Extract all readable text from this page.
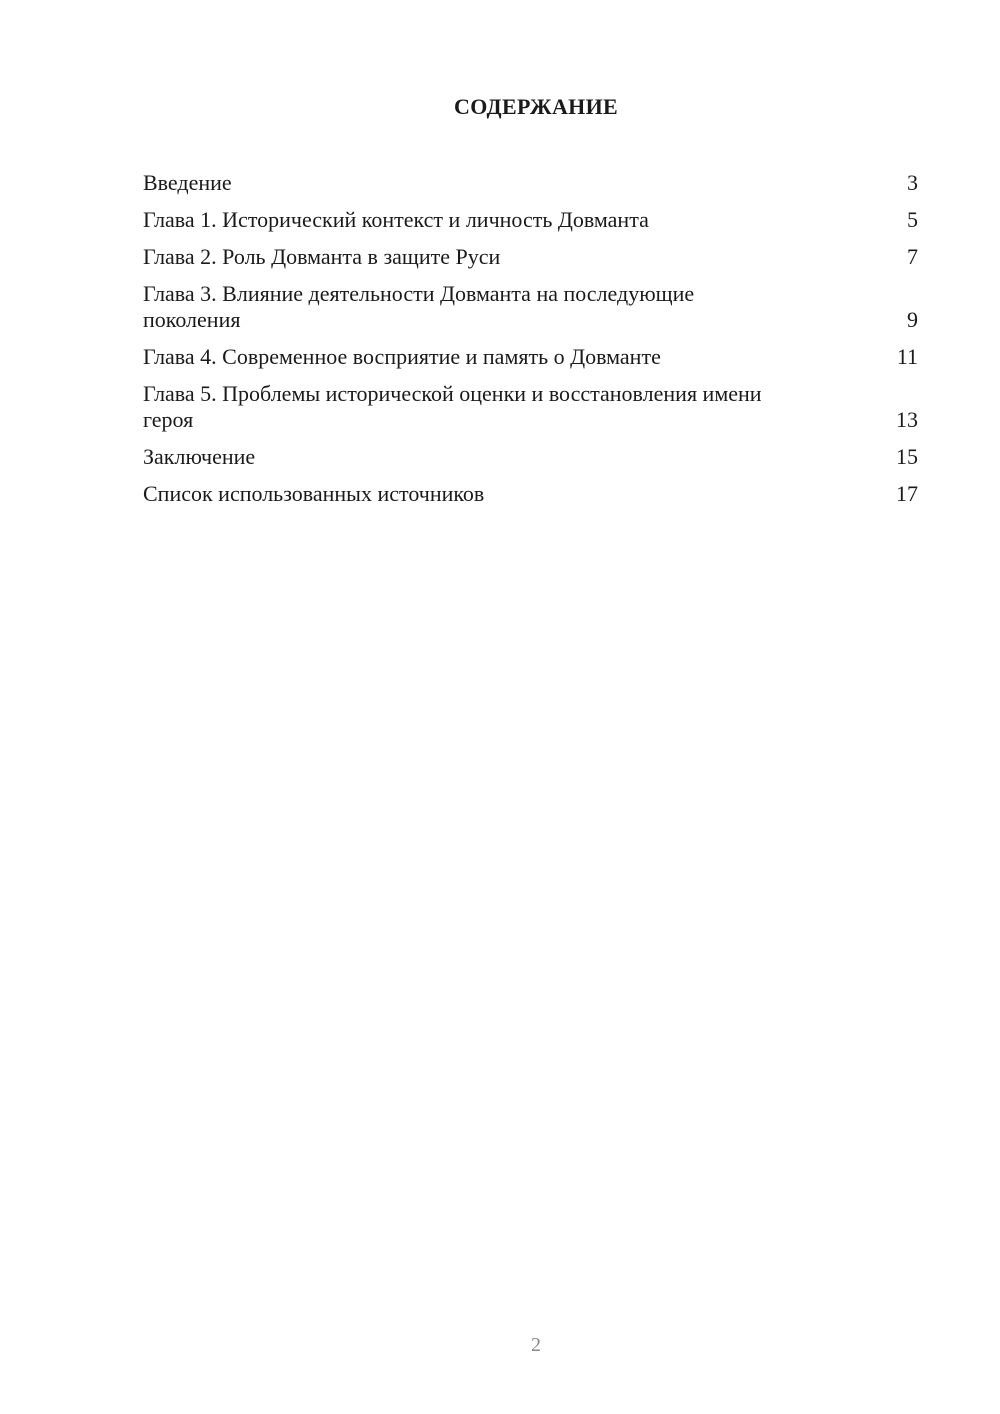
СОДЕРЖАНИЕ
Введение	3
Глава 1. Исторический контекст и личность Довманта	5
Глава 2. Роль Довманта в защите Руси	7
Глава 3. Влияние деятельности Довманта на последующие поколения	9
Глава 4. Современное восприятие и память о Довманте	11
Глава 5. Проблемы исторической оценки и восстановления имени героя	13
Заключение	15
Список использованных источников	17
2
